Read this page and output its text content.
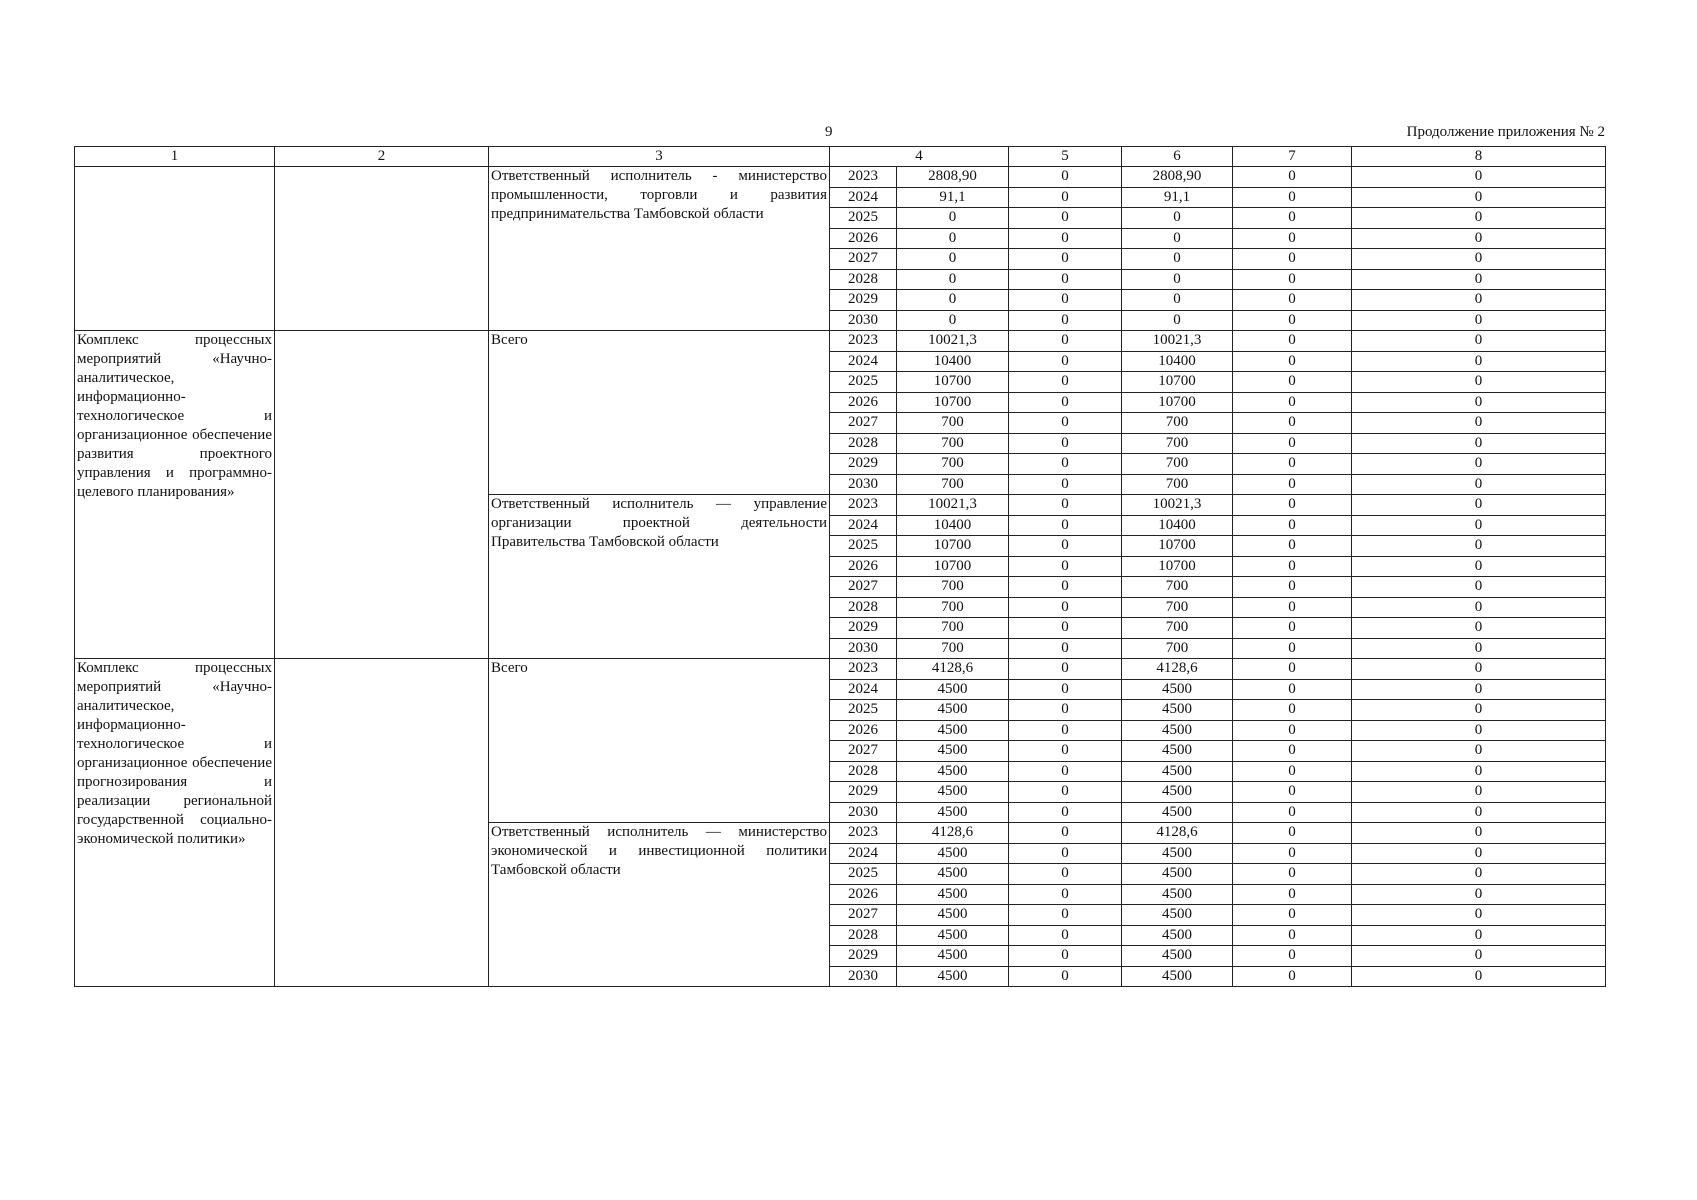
9	Продолжение приложения № 2
1	2	3	4		5	6	7	8
		Ответственный исполнитель - министерство промышленности, торговли и развития предпринимательства Тамбовской области	2023	2808,90	0	2808,90	0	0
			2024	91,1	0	91,1	0	0
			2025	0	0	0	0	0
			2026	0	0	0	0	0
			2027	0	0	0	0	0
			2028	0	0	0	0	0
			2029	0	0	0	0	0
			2030	0	0	0	0	0
Комплекс процессных мероприятий «Научно-аналитическое, информационно-технологическое и организационное обеспечение развития проектного управления и программно-целевого планирования»		Всего	2023	10021,3	0	10021,3	0	0
			2024	10400	0	10400	0	0
			2025	10700	0	10700	0	0
			2026	10700	0	10700	0	0
			2027	700	0	700	0	0
			2028	700	0	700	0	0
			2029	700	0	700	0	0
			2030	700	0	700	0	0
		Ответственный исполнитель — управление организации проектной деятельности Правительства Тамбовской области	2023	10021,3	0	10021,3	0	0
			2024	10400	0	10400	0	0
			2025	10700	0	10700	0	0
			2026	10700	0	10700	0	0
			2027	700	0	700	0	0
			2028	700	0	700	0	0
			2029	700	0	700	0	0
			2030	700	0	700	0	0
Комплекс процессных мероприятий «Научно-аналитическое, информационно-технологическое и организационное обеспечение прогнозирования и реализации региональной государственной социально-экономической политики»		Всего	2023	4128,6	0	4128,6	0	0
			2024	4500	0	4500	0	0
			2025	4500	0	4500	0	0
			2026	4500	0	4500	0	0
			2027	4500	0	4500	0	0
			2028	4500	0	4500	0	0
			2029	4500	0	4500	0	0
			2030	4500	0	4500	0	0
		Ответственный исполнитель — министерство экономической и инвестиционной политики Тамбовской области	2023	4128,6	0	4128,6	0	0
			2024	4500	0	4500	0	0
			2025	4500	0	4500	0	0
			2026	4500	0	4500	0	0
			2027	4500	0	4500	0	0
			2028	4500	0	4500	0	0
			2029	4500	0	4500	0	0
			2030	4500	0	4500	0	0
